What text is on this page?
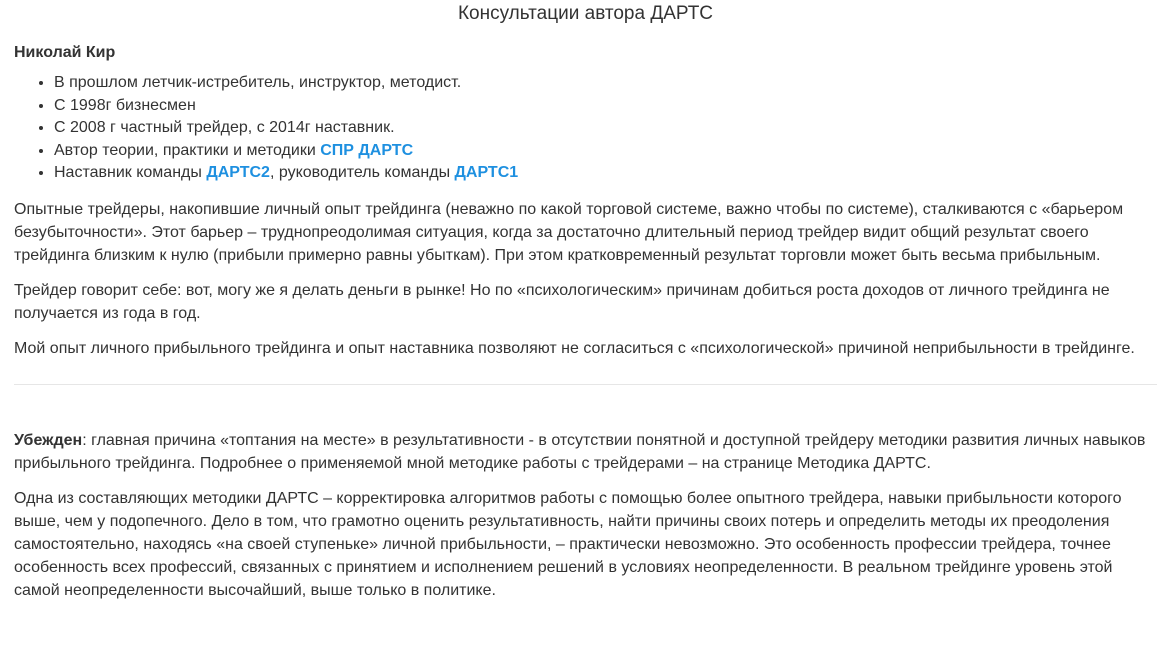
Консультации автора ДАРТС
Николай Кир
• В прошлом летчик-истребитель, инструктор, методист.
• С 1998г бизнесмен
• С 2008 г частный трейдер, с 2014г наставник.
• Автор теории, практики и методики СПР ДАРТС
• Наставник команды ДАРТС2, руководитель команды ДАРТС1

Опытные трейдеры, накопившие личный опыт трейдинга (неважно по какой торговой системе, важно чтобы по системе), сталкиваются с «барьером безубыточности». Этот барьер – труднопреодолимая ситуация, когда за достаточно длительный период трейдер видит общий результат своего трейдинга близким к нулю (прибыли примерно равны убыткам). При этом кратковременный результат торговли может быть весьма прибыльным.

Трейдер говорит себе: вот, могу же я делать деньги в рынке! Но по «психологическим» причинам добиться роста доходов от личного трейдинга не получается из года в год.

Мой опыт личного прибыльного трейдинга и опыт наставника позволяют не согласиться с «психологической» причиной неприбыльности в трейдинге.

Убежден: главная причина «топтания на месте» в результативности - в отсутствии понятной и доступной трейдеру методики развития личных навыков прибыльного трейдинга. Подробнее о применяемой мной методике работы с трейдерами – на странице Методика ДАРТС.

Одна из составляющих методики ДАРТС – корректировка алгоритмов работы с помощью более опытного трейдера, навыки прибыльности которого выше, чем у подопечного. Дело в том, что грамотно оценить результативность, найти причины своих потерь и определить методы их преодоления самостоятельно, находясь «на своей ступеньке» личной прибыльности, – практически невозможно. Это особенность профессии трейдера, точнее особенность всех профессий, связанных с принятием и исполнением решений в условиях неопределенности. В реальном трейдинге уровень этой самой неопределенности высочайший, выше только в политике.
